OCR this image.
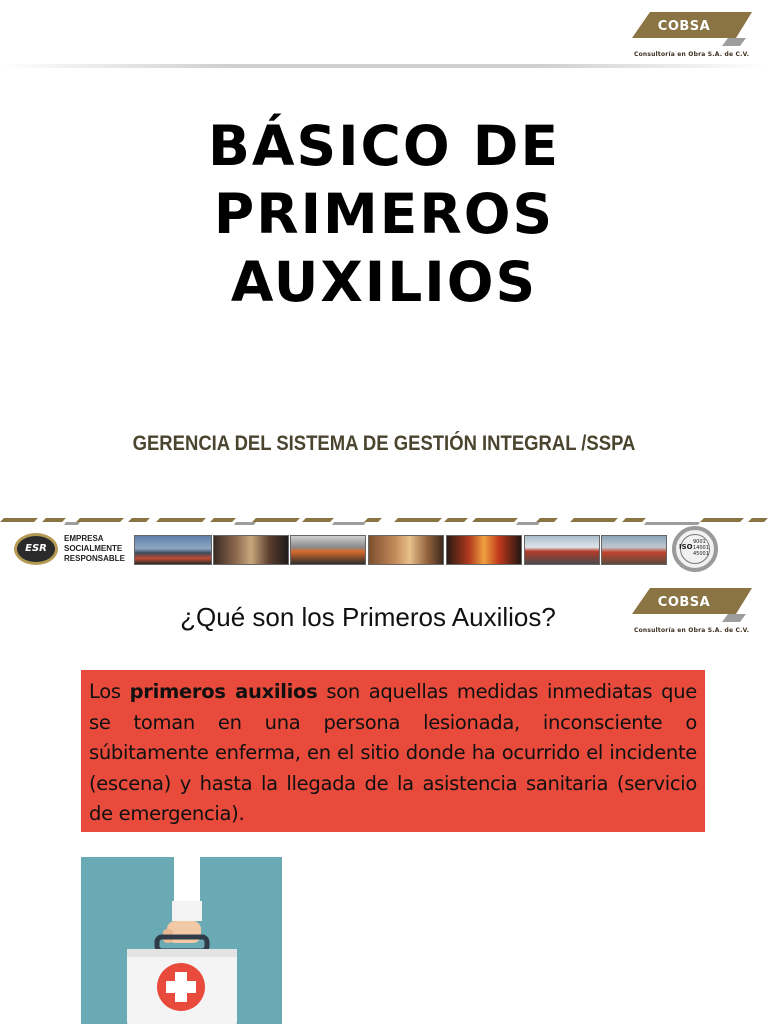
COBSA
Consultoría en Obra S.A. de C.V.
BÁSICO DE PRIMEROS AUXILIOS
GERENCIA DEL SISTEMA DE GESTIÓN INTEGRAL /SSPA
ESR
EMPRESA
SOCIALMENTE
RESPONSABLE
ISO
9001
14001
45001
¿Qué son los Primeros Auxilios?	COBSA
Consultoría en Obra S.A. de C.V.

Los primeros auxilios son aquellas medidas inmediatas que se toman en una persona lesionada, inconsciente o súbitamente enferma, en el sitio donde ha ocurrido el incidente (escena) y hasta la llegada de la asistencia sanitaria (servicio de emergencia).
